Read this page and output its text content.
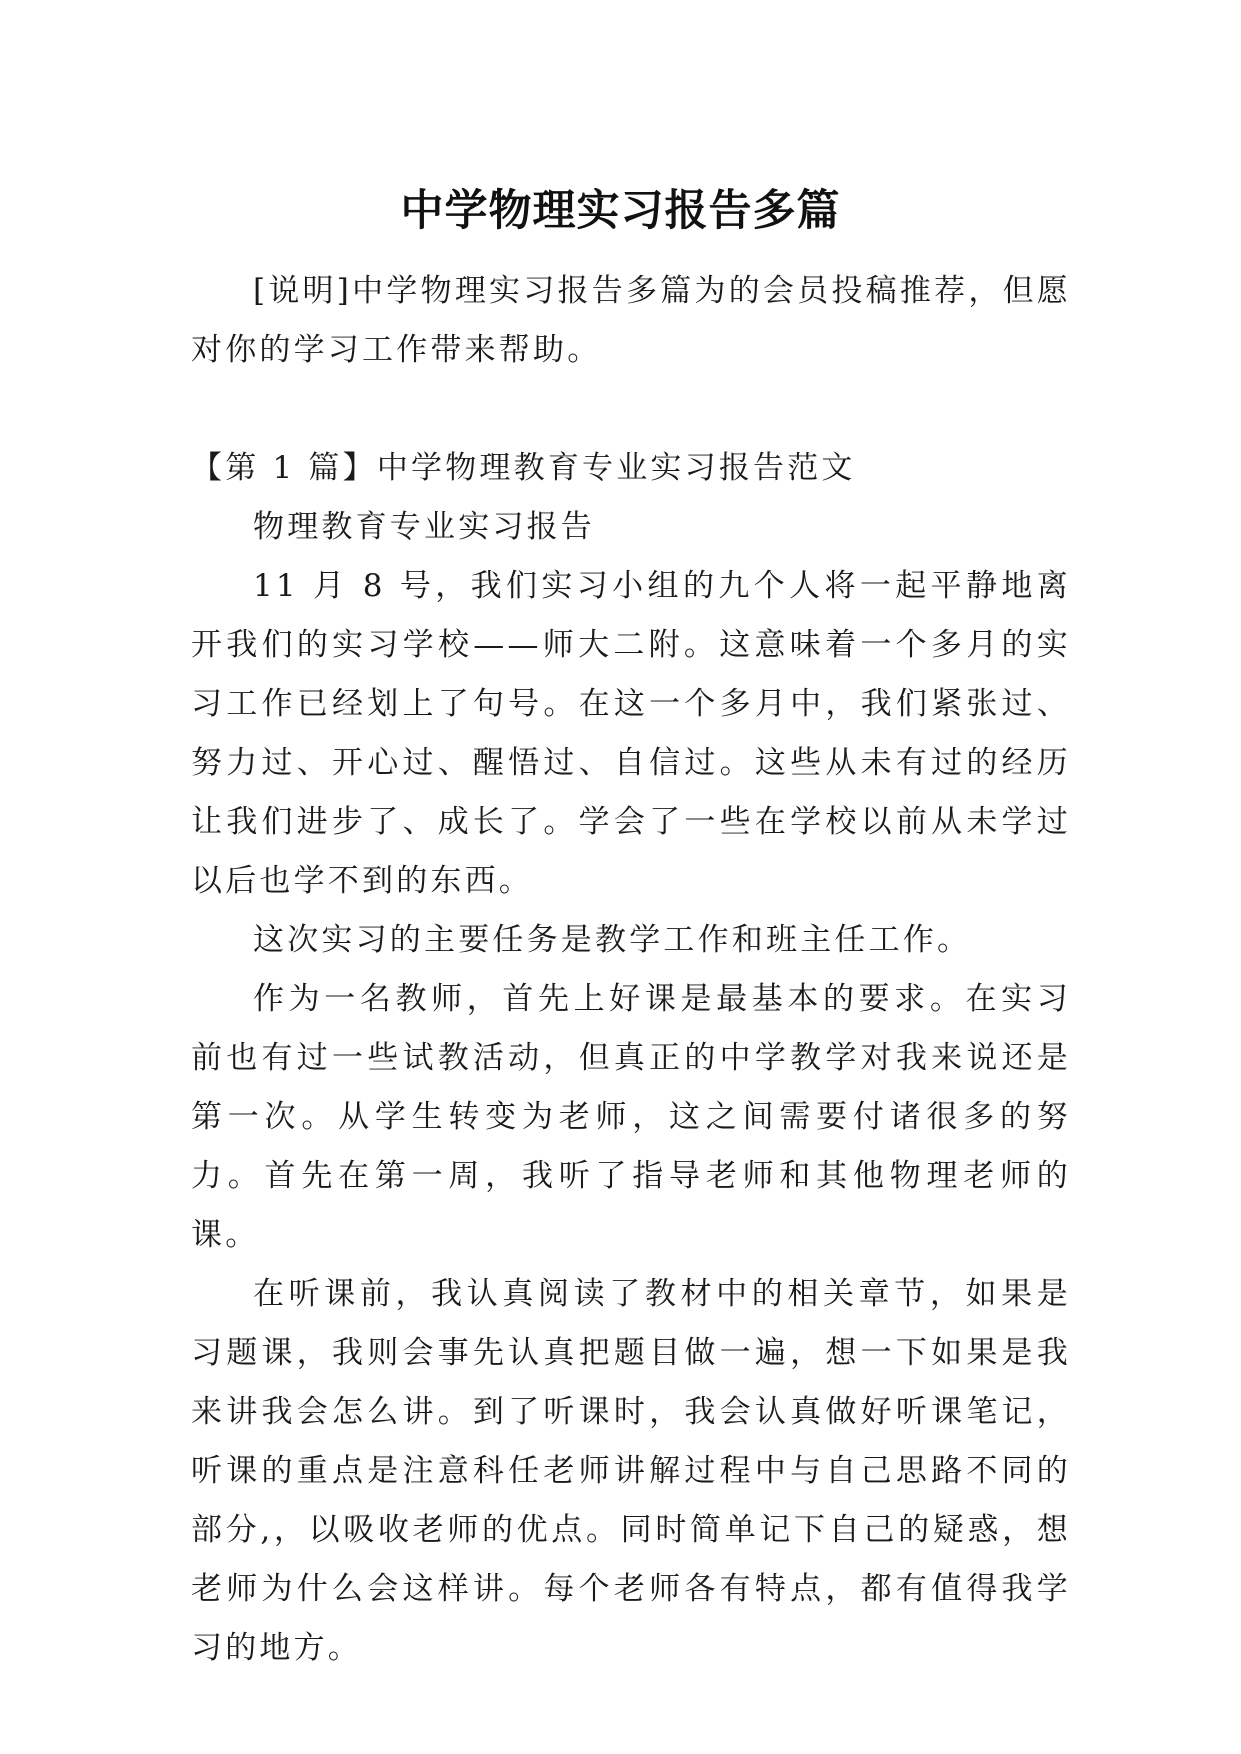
中学物理实习报告多篇

[说明]中学物理实习报告多篇为的会员投稿推荐，但愿对你的学习工作带来帮助。

【第 1 篇】中学物理教育专业实习报告范文

物理教育专业实习报告

11 月 8 号，我们实习小组的九个人将一起平静地离开我们的实习学校——师大二附。这意味着一个多月的实习工作已经划上了句号。在这一个多月中，我们紧张过、努力过、开心过、醒悟过、自信过。这些从未有过的经历让我们进步了、成长了。学会了一些在学校以前从未学过以后也学不到的东西。

这次实习的主要任务是教学工作和班主任工作。

作为一名教师，首先上好课是最基本的要求。在实习前也有过一些试教活动，但真正的中学教学对我来说还是第一次。从学生转变为老师，这之间需要付诸很多的努力。首先在第一周，我听了指导老师和其他物理老师的课。

在听课前，我认真阅读了教材中的相关章节，如果是习题课，我则会事先认真把题目做一遍，想一下如果是我来讲我会怎么讲。到了听课时，我会认真做好听课笔记，听课的重点是注意科任老师讲解过程中与自己思路不同的部分,，以吸收老师的优点。同时简单记下自己的疑惑，想老师为什么会这样讲。每个老师各有特点，都有值得我学习的地方。
